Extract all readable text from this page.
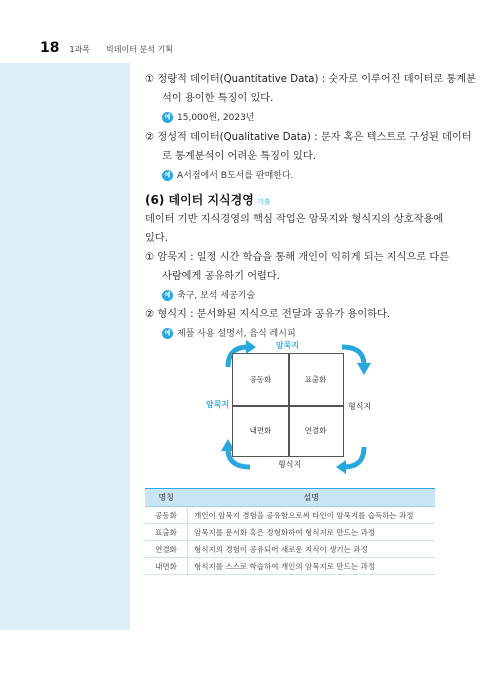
18 1과목 빅데이터 분석 기획
① 정량적 데이터(Quantitative Data) : 숫자로 이루어진 데이터로 통계분
석이 용이한 특징이 있다.
예 15,000원, 2023년
② 정성적 데이터(Qualitative Data) : 문자 혹은 텍스트로 구성된 데이터
로 통계분석이 어려운 특징이 있다.
예 A서점에서 B도서를 판매한다.
(6) 데이터 지식경영 기출
데이터 기반 지식경영의 핵심 작업은 암묵지와 형식지의 상호작용에
있다.
① 암묵지 : 일정 시간 학습을 통해 개인이 익히게 되는 지식으로 다른
사람에게 공유하기 어렵다.
예 축구, 보석 세공기술
② 형식지 : 문서화된 지식으로 전달과 공유가 용이하다.
예 제품 사용 설명서, 음식 레시피
암묵지
암묵지	형식지
형식지
공동화	표출화
내면화	연결화
명칭	설명
공동화	개인이 암묵지 경험을 공유함으로써 타인이 암묵지를 습득하는 과정
표출화	암묵지를 문서화 혹은 정형화하여 형식지로 만드는 과정
연결화	형식지의 경험이 공유되어 새로운 지식이 생기는 과정
내면화	형식지를 스스로 학습하여 개인의 암묵지로 만드는 과정
